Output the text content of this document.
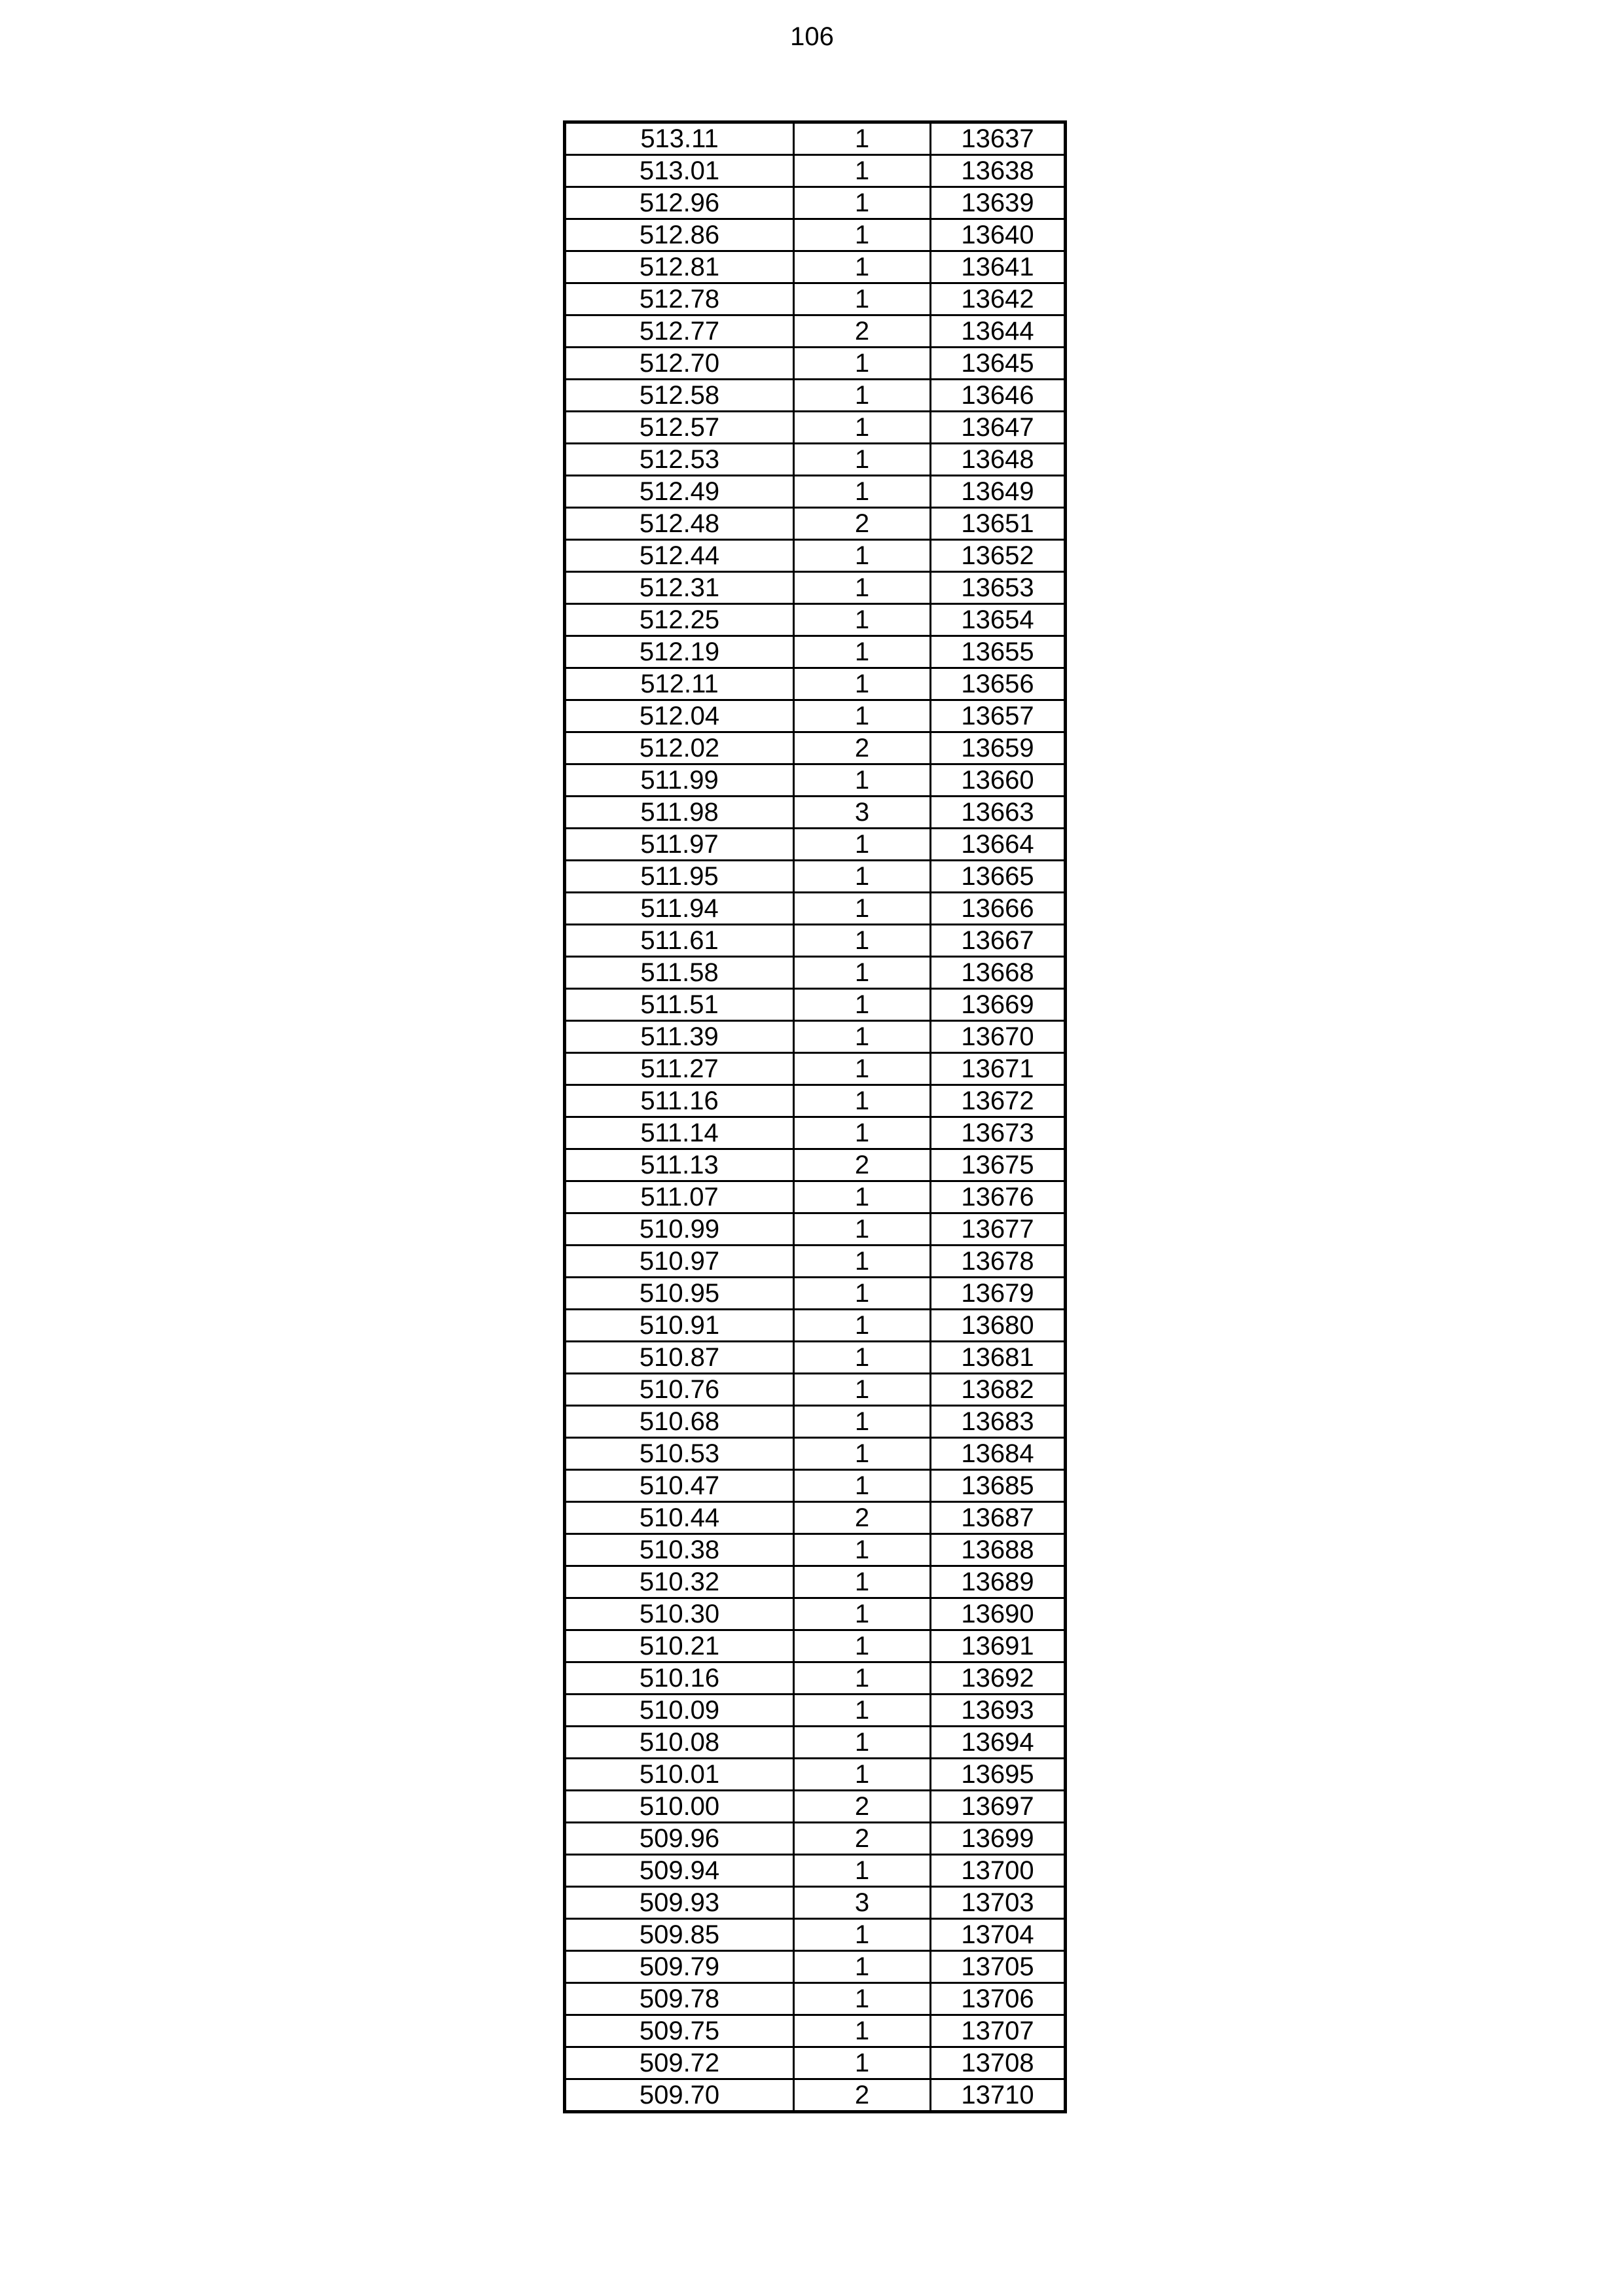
106
513.11	1	13637
513.01	1	13638
512.96	1	13639
512.86	1	13640
512.81	1	13641
512.78	1	13642
512.77	2	13644
512.70	1	13645
512.58	1	13646
512.57	1	13647
512.53	1	13648
512.49	1	13649
512.48	2	13651
512.44	1	13652
512.31	1	13653
512.25	1	13654
512.19	1	13655
512.11	1	13656
512.04	1	13657
512.02	2	13659
511.99	1	13660
511.98	3	13663
511.97	1	13664
511.95	1	13665
511.94	1	13666
511.61	1	13667
511.58	1	13668
511.51	1	13669
511.39	1	13670
511.27	1	13671
511.16	1	13672
511.14	1	13673
511.13	2	13675
511.07	1	13676
510.99	1	13677
510.97	1	13678
510.95	1	13679
510.91	1	13680
510.87	1	13681
510.76	1	13682
510.68	1	13683
510.53	1	13684
510.47	1	13685
510.44	2	13687
510.38	1	13688
510.32	1	13689
510.30	1	13690
510.21	1	13691
510.16	1	13692
510.09	1	13693
510.08	1	13694
510.01	1	13695
510.00	2	13697
509.96	2	13699
509.94	1	13700
509.93	3	13703
509.85	1	13704
509.79	1	13705
509.78	1	13706
509.75	1	13707
509.72	1	13708
509.70	2	13710
